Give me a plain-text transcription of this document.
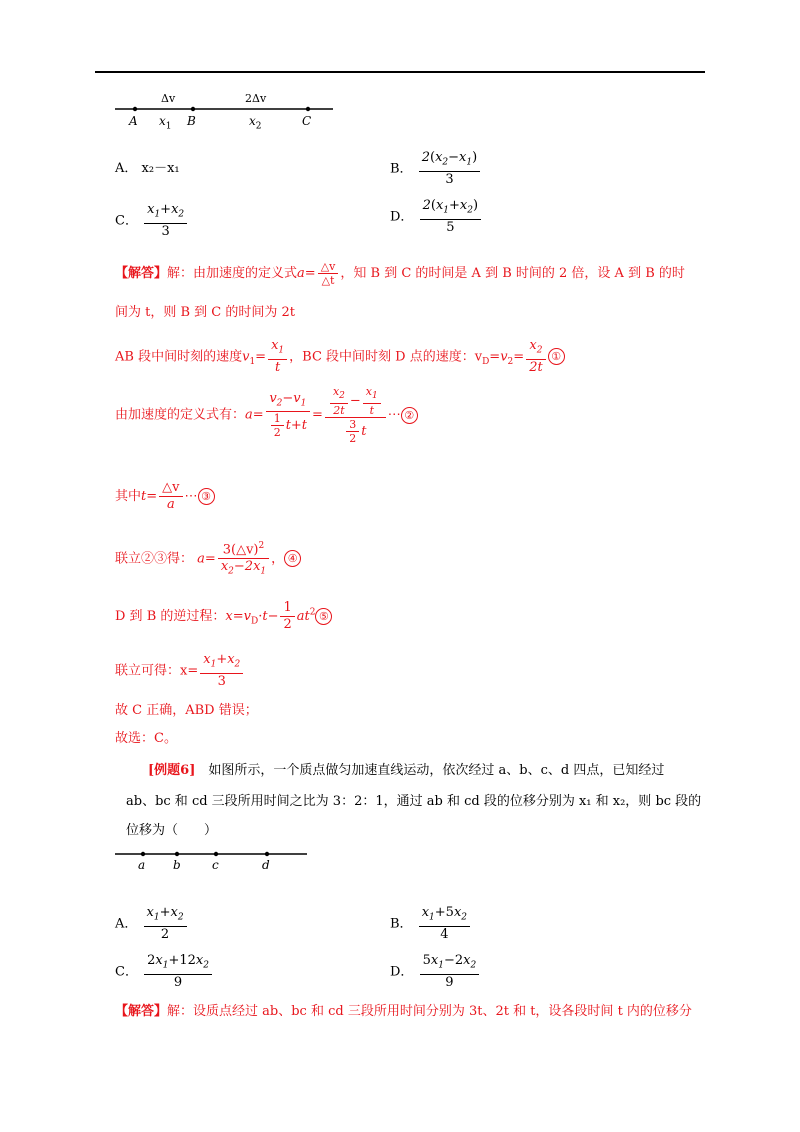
Δv	2Δv
A $x_1$ B	$x_2$	C
A． x₂－x₁	B． $\frac{2(x_2-x_1)}{3}$
C． $\frac{x_1+x_2}{3}$	D． $\frac{2(x_1+x_2)}{5}$
【解答】解：由加速度的定义式$a= \frac{\triangle v}{\triangle t}$ ，知 B 到 C 的时间是 A 到 B 时间的 2 倍，设 A 到 B 的时
间为 t，则 B 到 C 的时间为 2t
AB 段中间时刻的速度$v_1= \frac{x_1}{t}$ ，BC 段中间时刻 D 点的速度：$v_D=v_2= \frac{x_2}{2t}$ ①
由加速度的定义式有：$a= \frac{v_2-v_1}{\frac{1}{2} t+t} = \frac{\frac{x_2}{2t} - \frac{x_1}{t}}{\frac{3}{2} t}$ ⋯ ②
其中$t= \frac{\triangle v}{a}$ ⋯ ③
联立②③得： $a= \frac{3(\triangle v)^2}{x_2-2x_1}$ ， ④
D 到 B 的逆过程：$x=v_D\cdot t- \frac{1}{2} at^2$ ⑤
联立可得：$x= \frac{x_1+x_2}{3}$
故 C 正确，ABD 错误；
故选：C。
[例题6]　 如图所示，一个质点做匀加速直线运动，依次经过 a、b、c、d 四点，已知经过
ab、bc 和 cd 三段所用时间之比为 3：2：1，通过 ab 和 cd 段的位移分别为 x₁ 和 x₂，则 bc 段的
位移为（　　）
a b	c	d
A． $\frac{x_1+x_2}{2}$	B． $\frac{x_1+5x_2}{4}$
C． $\frac{2x_1+12x_2}{9}$	D． $\frac{5x_1-2x_2}{9}$
【解答】解：设质点经过 ab、bc 和 cd 三段所用时间分别为 3t、2t 和 t，设各段时间 t 内的位移分
